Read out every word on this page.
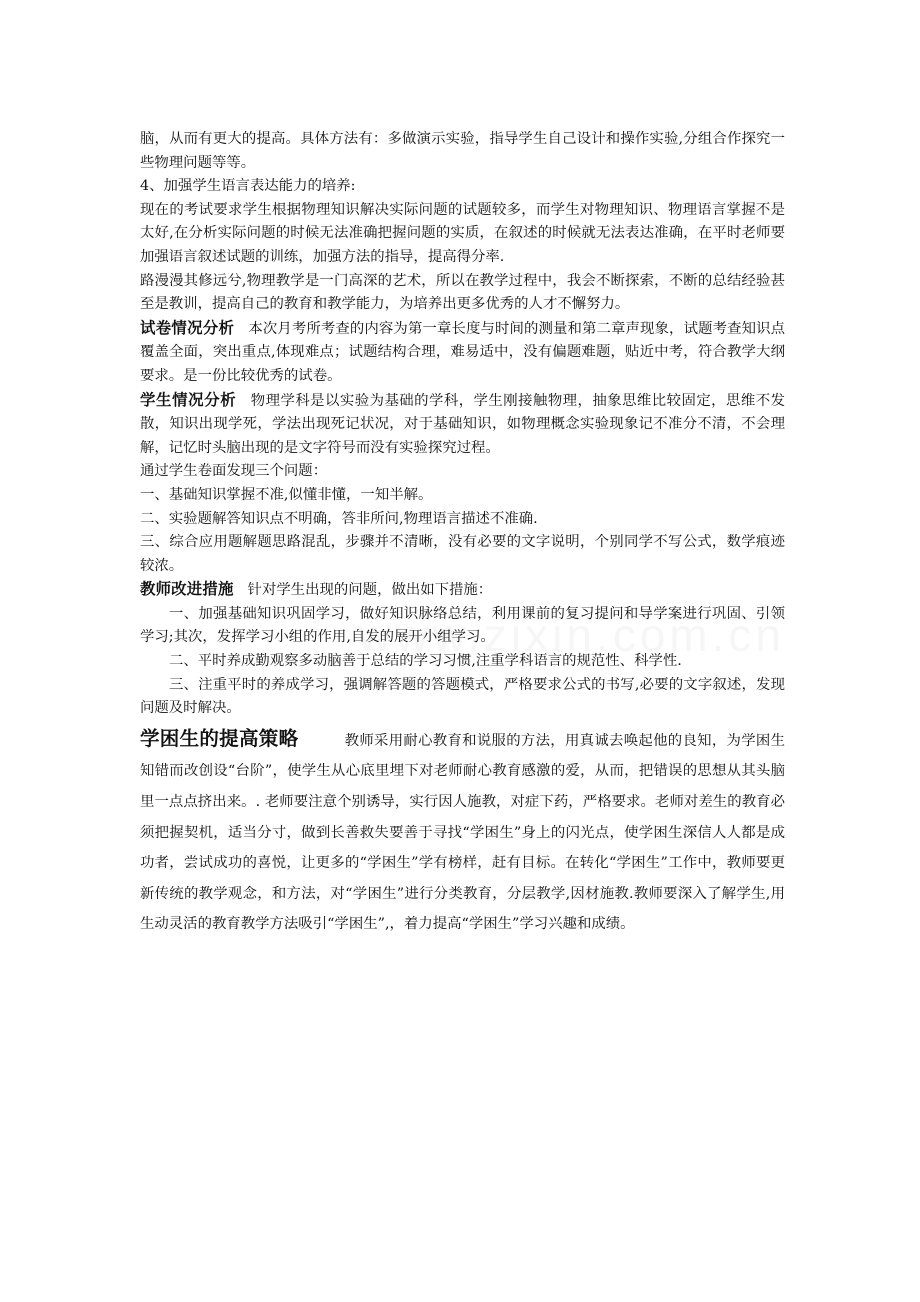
脑，从而有更大的提高。具体方法有：多做演示实验，指导学生自己设计和操作实验,分组合作探究一些物理问题等等。

4、加强学生语言表达能力的培养:

现在的考试要求学生根据物理知识解决实际问题的试题较多，而学生对物理知识、物理语言掌握不是太好,在分析实际问题的时候无法准确把握问题的实质，在叙述的时候就无法表达准确，在平时老师要加强语言叙述试题的训练，加强方法的指导，提高得分率.

路漫漫其修远兮,物理教学是一门高深的艺术，所以在教学过程中，我会不断探索，不断的总结经验甚至是教训，提高自己的教育和教学能力，为培养出更多优秀的人才不懈努力。

试卷情况分析 本次月考所考查的内容为第一章长度与时间的测量和第二章声现象，试题考查知识点覆盖全面，突出重点,体现难点；试题结构合理，难易适中，没有偏题难题，贴近中考，符合教学大纲要求。是一份比较优秀的试卷。

学生情况分析 物理学科是以实验为基础的学科，学生刚接触物理，抽象思维比较固定，思维不发散，知识出现学死，学法出现死记状况，对于基础知识，如物理概念实验现象记不准分不清，不会理解，记忆时头脑出现的是文字符号而没有实验探究过程。

通过学生卷面发现三个问题：

一、基础知识掌握不准,似懂非懂，一知半解。

二、实验题解答知识点不明确，答非所问,物理语言描述不准确.

三、综合应用题解题思路混乱，步骤并不清晰，没有必要的文字说明，个别同学不写公式，数学痕迹较浓。

教师改进措施 针对学生出现的问题，做出如下措施：

一、加强基础知识巩固学习，做好知识脉络总结，利用课前的复习提问和导学案进行巩固、引领学习;其次，发挥学习小组的作用,自发的展开小组学习。

二、平时养成勤观察多动脑善于总结的学习习惯,注重学科语言的规范性、科学性.

三、注重平时的养成学习，强调解答题的答题模式，严格要求公式的书写,必要的文字叙述，发现问题及时解决。

学困生的提高策略	教师采用耐心教育和说服的方法，用真诚去唤起他的良知，为学困生知错而改创设“台阶”，使学生从心底里埋下对老师耐心教育感激的爱，从而，把错误的思想从其头脑里一点点挤出来。. 老师要注意个别诱导，实行因人施教，对症下药，严格要求。老师对差生的教育必须把握契机，适当分寸，做到长善救失要善于寻找“学困生”身上的闪光点，使学困生深信人人都是成功者，尝试成功的喜悦，让更多的“学困生”学有榜样，赶有目标。在转化“学困生”工作中，教师要更新传统的教学观念，和方法，对“学困生”进行分类教育，分层教学,因材施教.教师要深入了解学生,用生动灵活的教育教学方法吸引“学困生”,，着力提高“学困生”学习兴趣和成绩。
